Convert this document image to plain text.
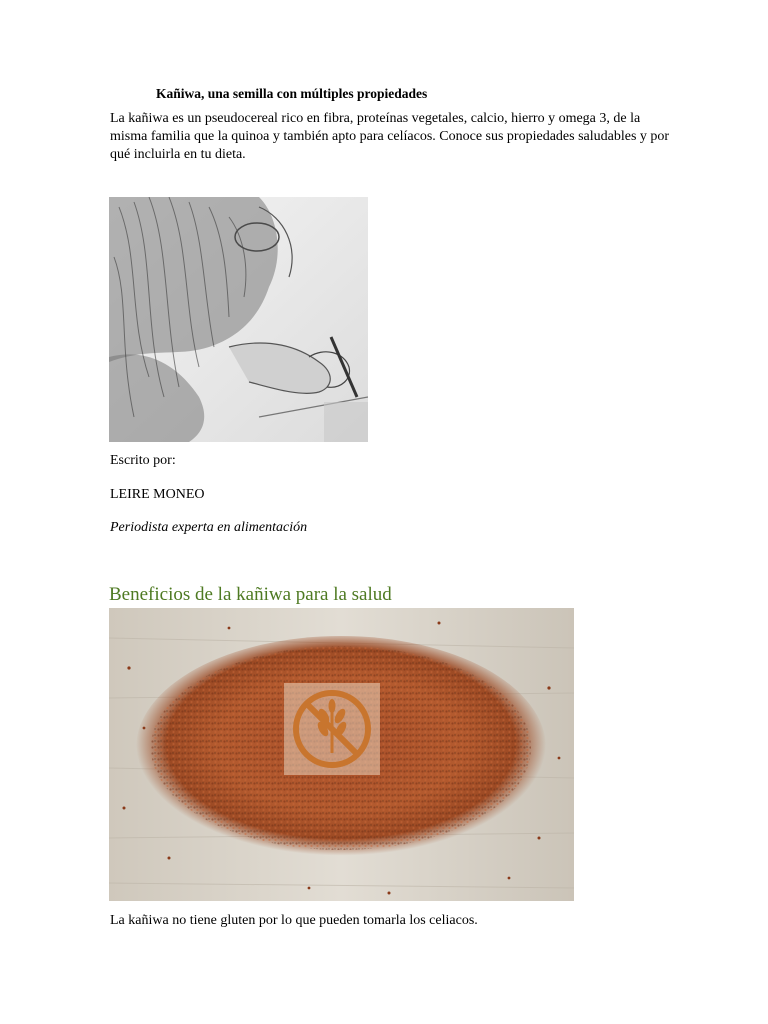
Kañiwa, una semilla con múltiples propiedades
La kañiwa es un pseudocereal rico en fibra, proteínas vegetales, calcio, hierro y omega 3, de la misma familia que la quinoa y también apto para celíacos. Conoce sus propiedades saludables y por qué incluirla en tu dieta.
Escrito por:
LEIRE MONEO
Periodista experta en alimentación
Beneficios de la kañiwa para la salud
La kañiwa no tiene gluten por lo que pueden tomarla los celiacos.
